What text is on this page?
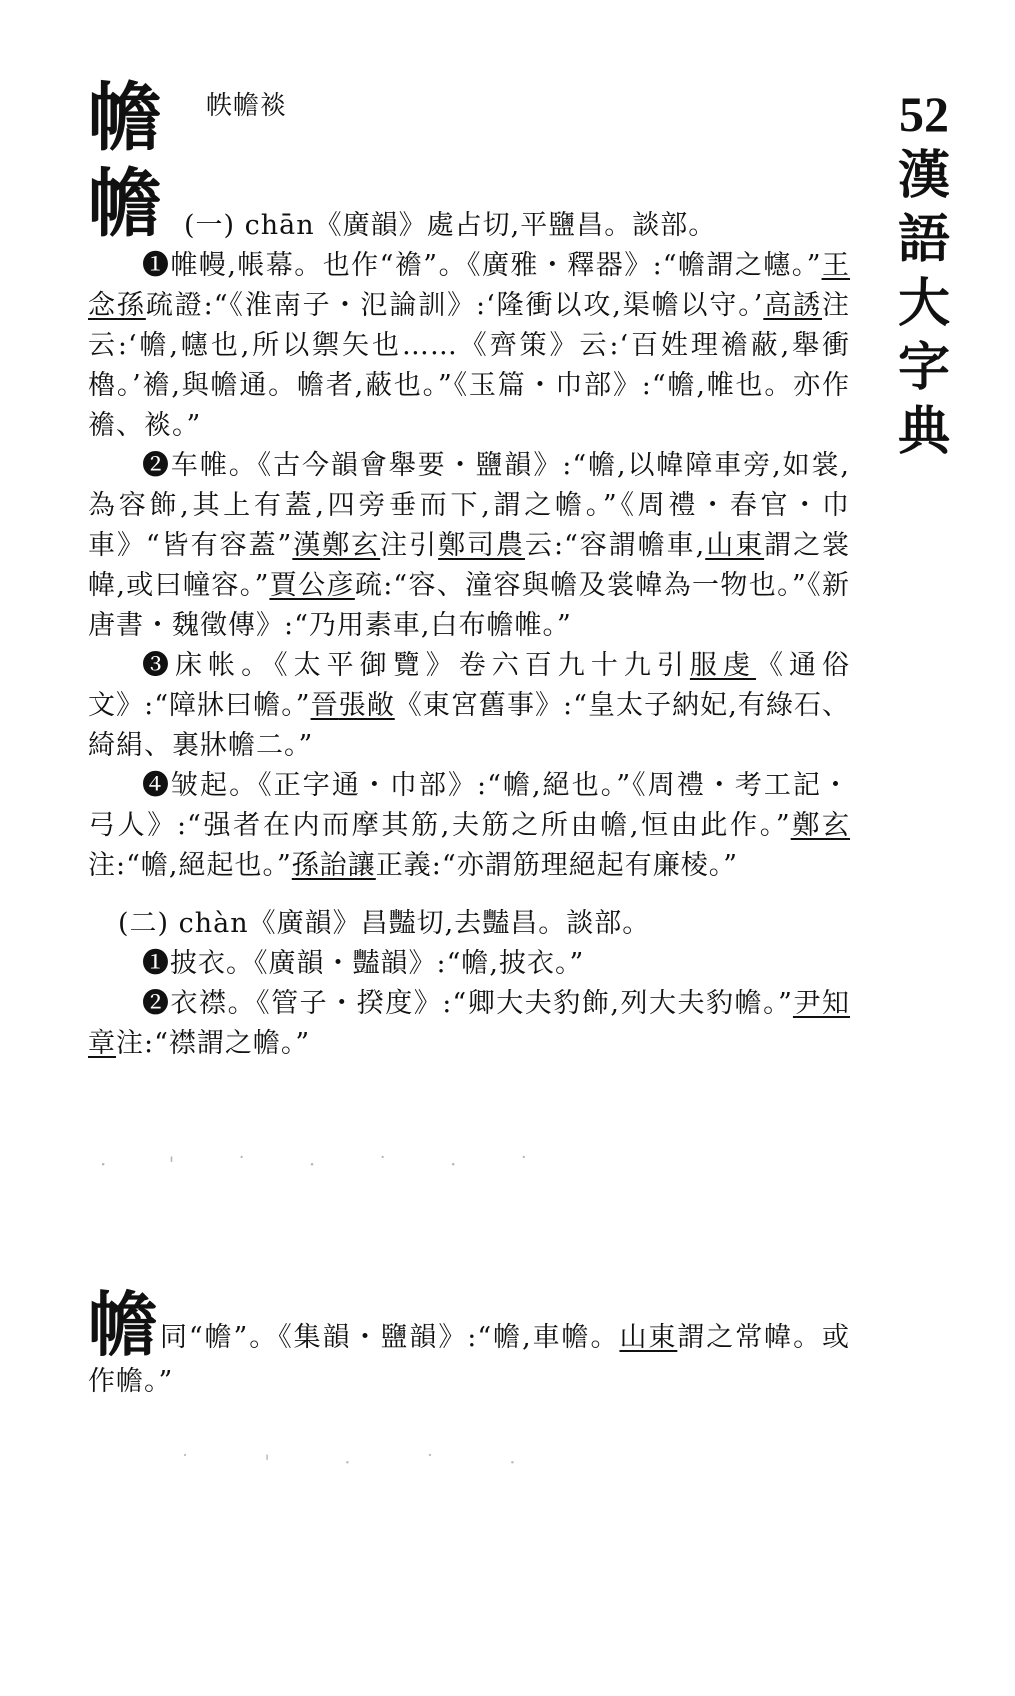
52
漢
語
大
字
典
幨 帙幨裧
幨 (一) chān《廣韻》處占切,平鹽昌。談部。

❶帷幔,帳幕。也作“襜”。《廣雅・釋器》:“幨謂之幰。”王念孫疏證:“《淮南子・氾論訓》:‘隆衝以攻,渠幨以守。’高誘注云:‘幨,幰也,所以禦矢也……《齊策》云:‘百姓理襜蔽,舉衝櫓。’襜,與幨通。幨者,蔽也。”《玉篇・巾部》:“幨,帷也。亦作襜、裧。”

❷车帷。《古今韻會舉要・鹽韻》:“幨,以幃障車旁,如裳,為容飾,其上有蓋,四旁垂而下,謂之幨。”《周禮・春官・巾車》“皆有容蓋”漢鄭玄注引鄭司農云:“容謂幨車,山東謂之裳幃,或曰幢容。”賈公彦疏:“容、潼容與幨及裳幃為一物也。”《新唐書・魏徵傳》:“乃用素車,白布幨帷。”

❸床帐。《太平御覽》卷六百九十九引服虔《通俗文》:“障牀曰幨。”晉張敞《東宮舊事》:“皇太子納妃,有綠石、綺絹、裏牀幨二。”

❹皱起。《正字通・巾部》:“幨,絕也。”《周禮・考工記・弓人》:“强者在内而摩其筋,夫筋之所由幨,恒由此作。”鄭玄注:“幨,絕起也。”孫詒讓正義:“亦謂筋理絕起有廉棱。”

(二) chàn《廣韻》昌豔切,去豔昌。談部。

❶披衣。《廣韻・豔韻》:“幨,披衣。”

❷衣襟。《管子・揆度》:“卿大夫豹飾,列大夫豹幨。”尹知章注:“襟謂之幨。”

· ' ˙ · ˙ · ˙

幨同“幨”。《集韻・鹽韻》:“幨,車幨。山東謂之常幃。或作幨。”

˙ ' · ˙ ·
